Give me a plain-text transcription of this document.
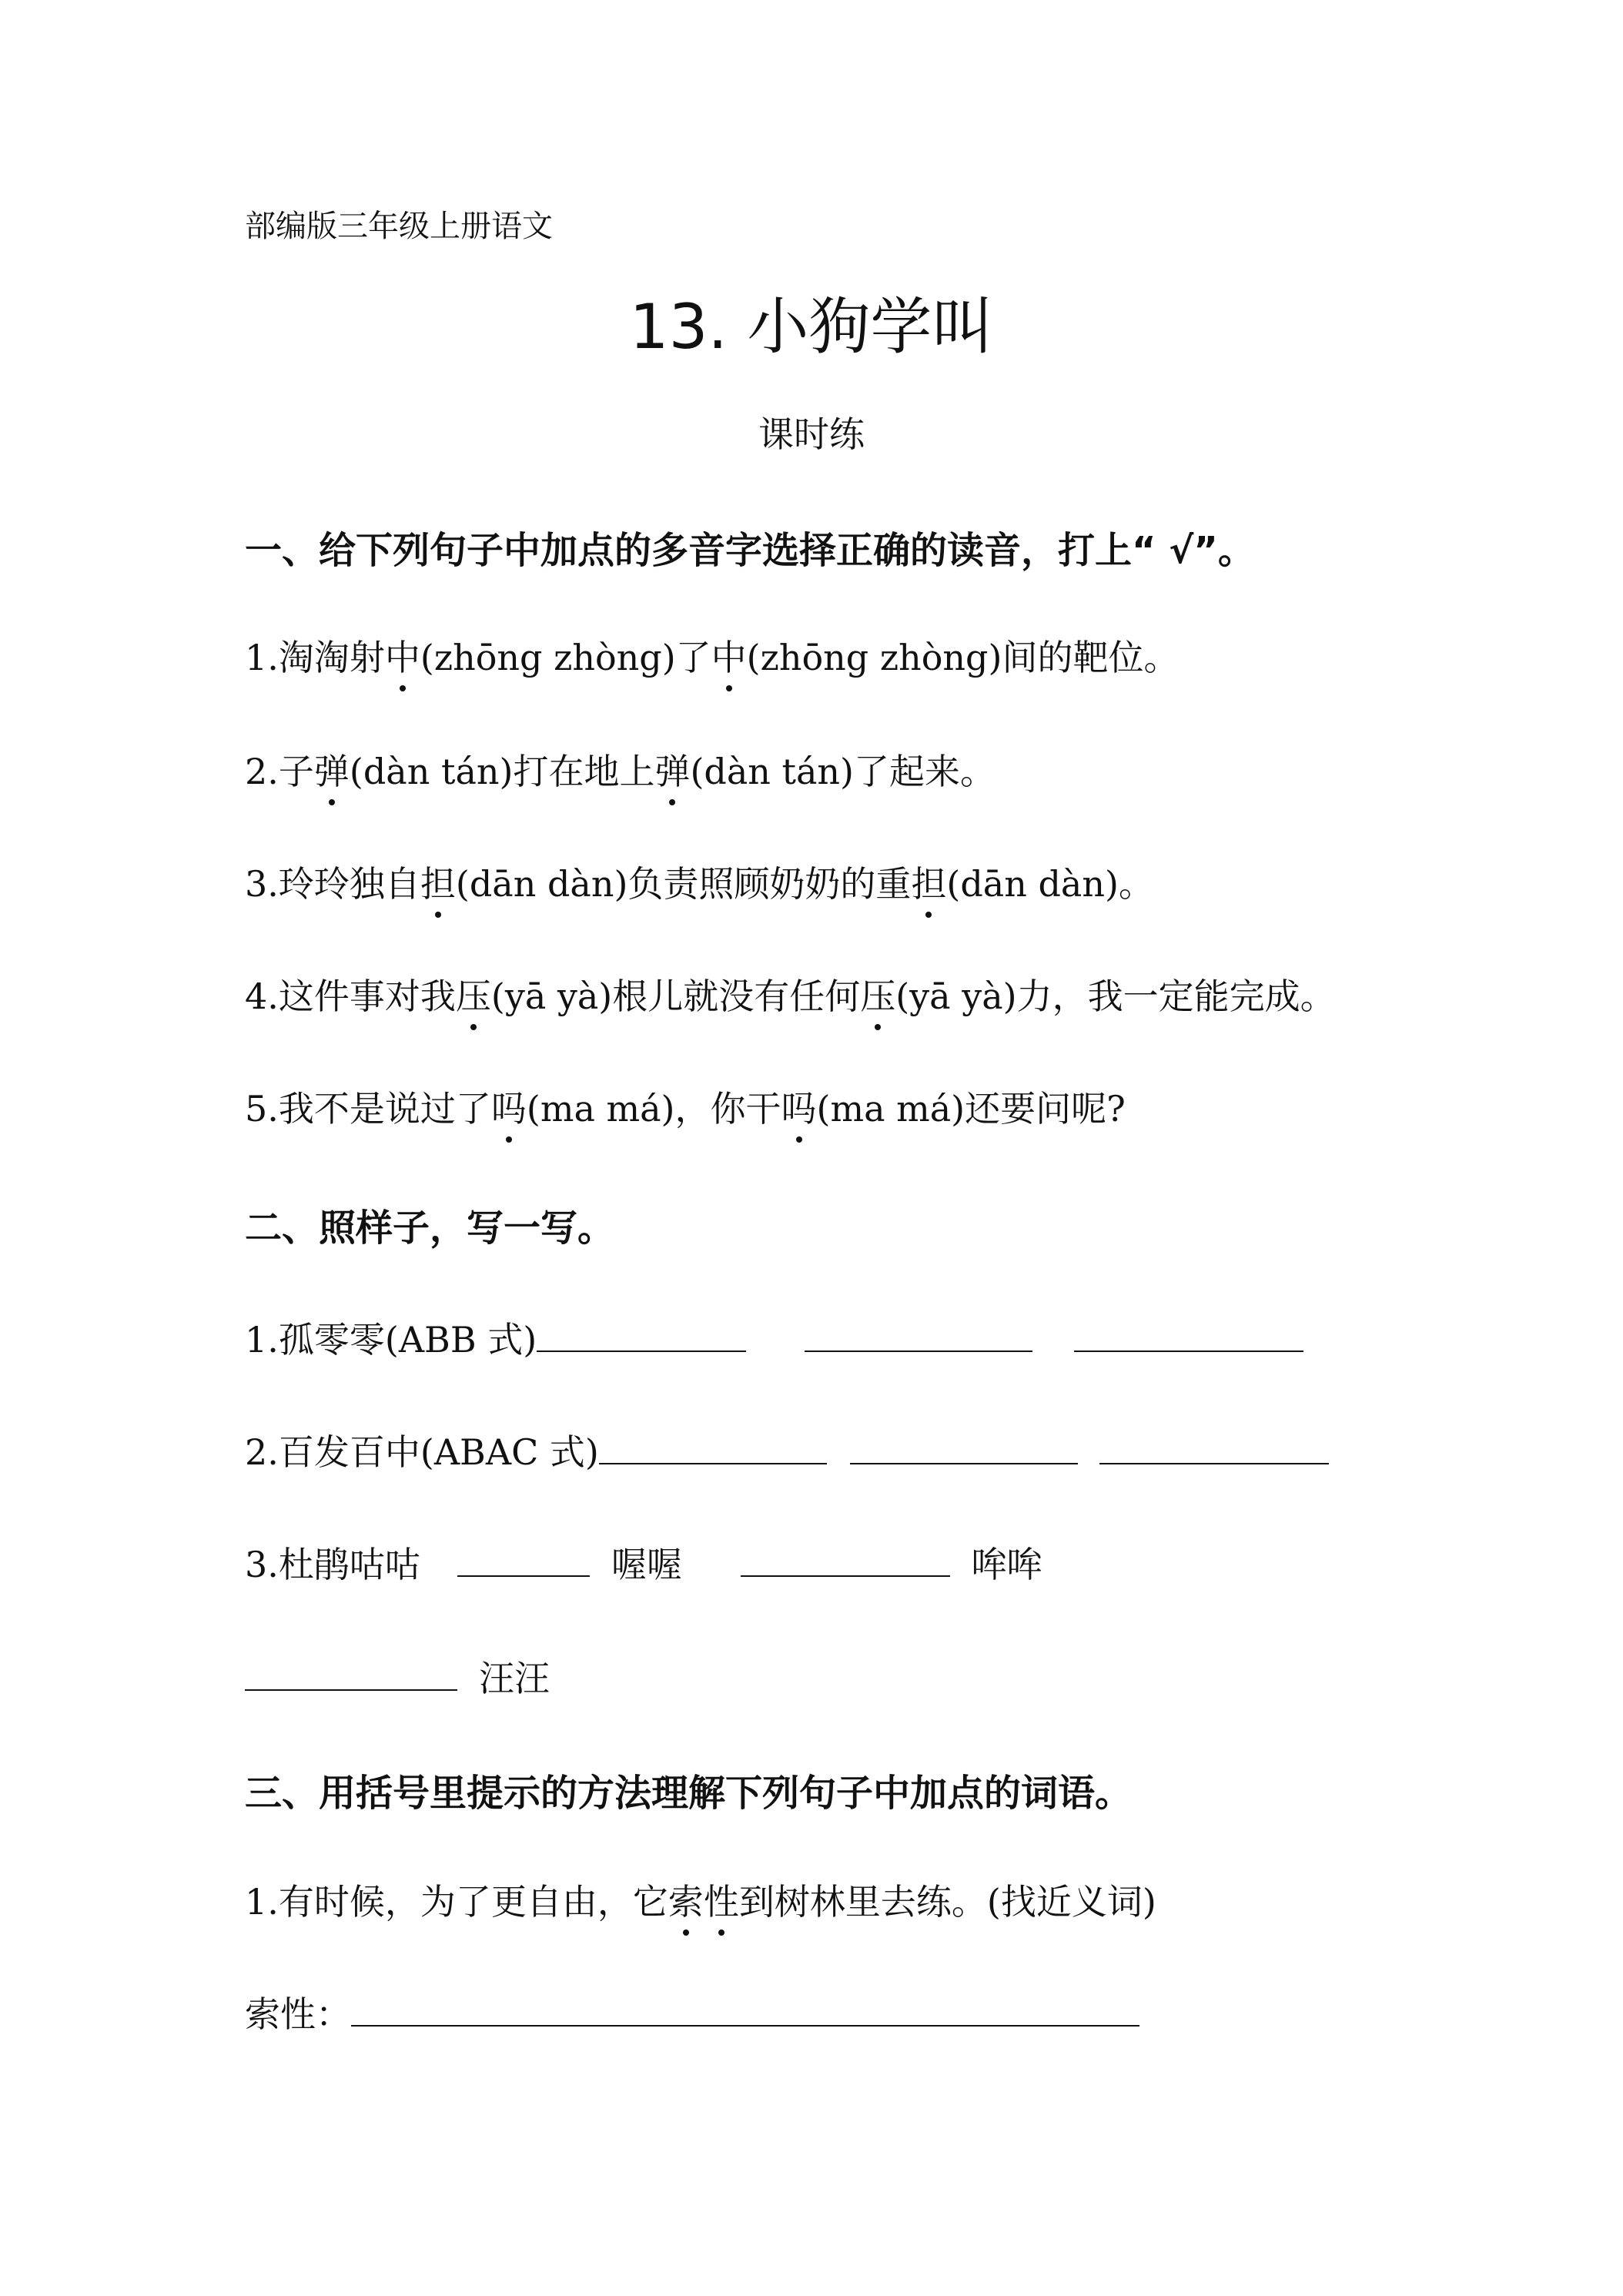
部编版三年级上册语文
13. 小狗学叫
课时练
一、给下列句子中加点的多音字选择正确的读音，打上“ √”。
1.淘淘射中(zhōng zhòng)了中(zhōng zhòng)间的靶位。
2.子弹(dàn tán)打在地上弹(dàn tán)了起来。
3.玲玲独自担(dān dàn)负责照顾奶奶的重担(dān dàn)。
4.这件事对我压(yā yà)根儿就没有任何压(yā yà)力，我一定能完成。
5.我不是说过了吗(ma má)，你干吗(ma má)还要问呢?
二、照样子，写一写。
1.孤零零(ABB 式)
2.百发百中(ABAC 式)
3.杜鹃咕咕	喔喔	哞哞
汪汪
三、用括号里提示的方法理解下列句子中加点的词语。
1.有时候，为了更自由，它索性到树林里去练。(找近义词)
索性：
